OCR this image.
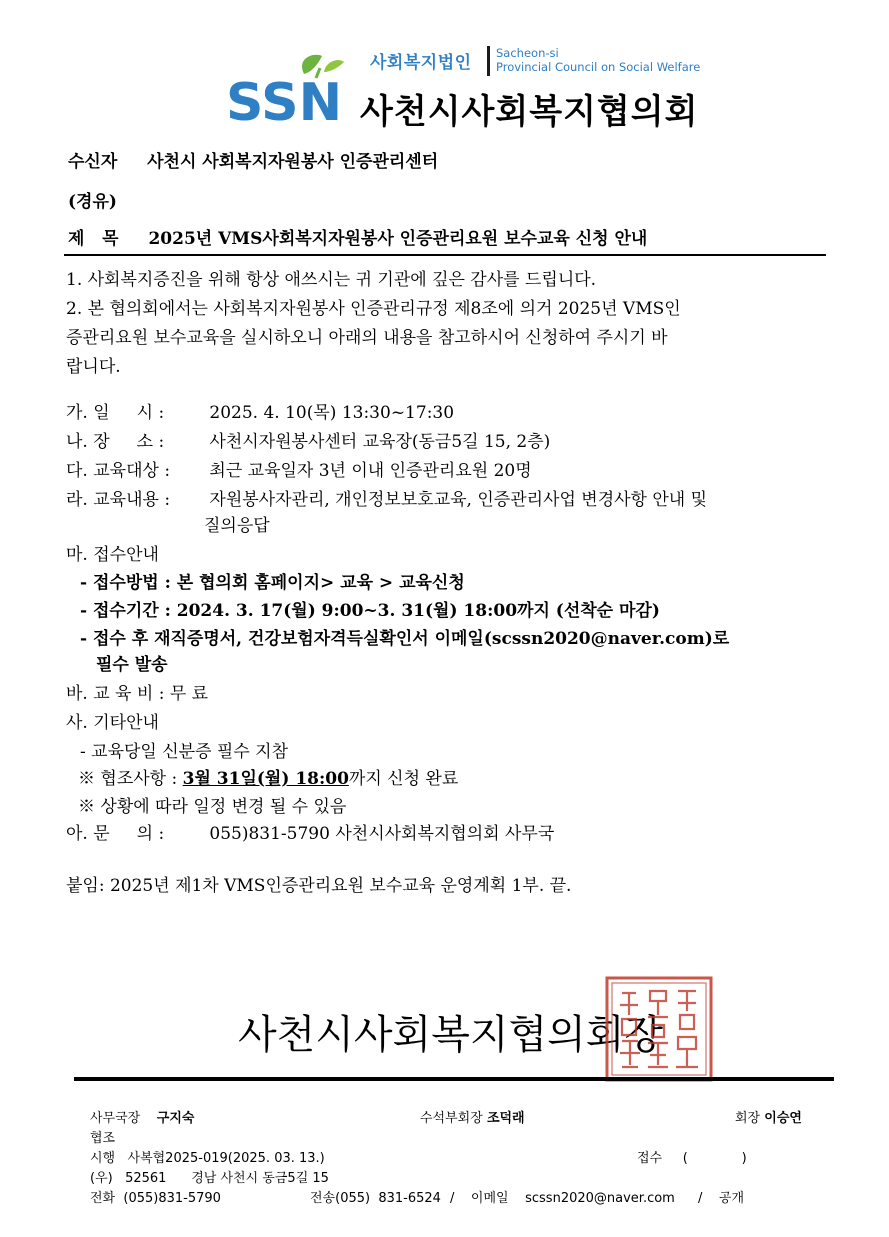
SSN
사회복지법인 Sacheon-si
Provincial Council on Social Welfare
사천시사회복지협의회
수신자 사천시 사회복지자원봉사 인증관리센터
(경유)
제   목 2025년 VMS사회복지자원봉사 인증관리요원 보수교육 신청 안내
1. 사회복지증진을 위해 항상 애쓰시는 귀 기관에 깊은 감사를 드립니다.
2. 본 협의회에서는 사회복지자원봉사 인증관리규정 제8조에 의거 2025년 VMS인
증관리요원 보수교육을 실시하오니 아래의 내용을 참고하시어 신청하여 주시기 바
랍니다.
가. 일     시 :	2025. 4. 10(목) 13:30~17:30
나. 장     소 :	사천시자원봉사센터 교육장(동금5길 15, 2층)
다. 교육대상 : 최근 교육일자 3년 이내 인증관리요원 20명
라. 교육내용 : 자원봉사자관리, 개인정보보호교육, 인증관리사업 변경사항 안내 및
질의응답
마. 접수안내
- 접수방법 : 본 협의회 홈페이지> 교육 > 교육신청
- 접수기간 : 2024. 3. 17(월) 9:00~3. 31(월) 18:00까지 (선착순 마감)
- 접수 후 재직증명서, 건강보험자격득실확인서 이메일(scssn2020@naver.com)로
필수 발송
바. 교 육 비 : 무 료
사. 기타안내
- 교육당일 신분증 필수 지참
※ 협조사항 : 3월 31일(월) 18:00까지 신청 완료
※ 상황에 따라 일정 변경 될 수 있음
아. 문     의 :	055)831-5790 사천시사회복지협의회 사무국
붙임: 2025년 제1차 VMS인증관리요원 보수교육 운영계획 1부. 끝.
사천시사회복지협의회장
사무국장 구지숙	수석부회장 조덕래	회장 이승연
협조
시행   사복협2025-019(2025. 03. 13.)	접수     (             )
(우)   52561      경남 사천시 동금5길 15
전화  (055)831-5790	전송(055)  831-6524 /    이메일    scssn2020@naver.com /    공개
